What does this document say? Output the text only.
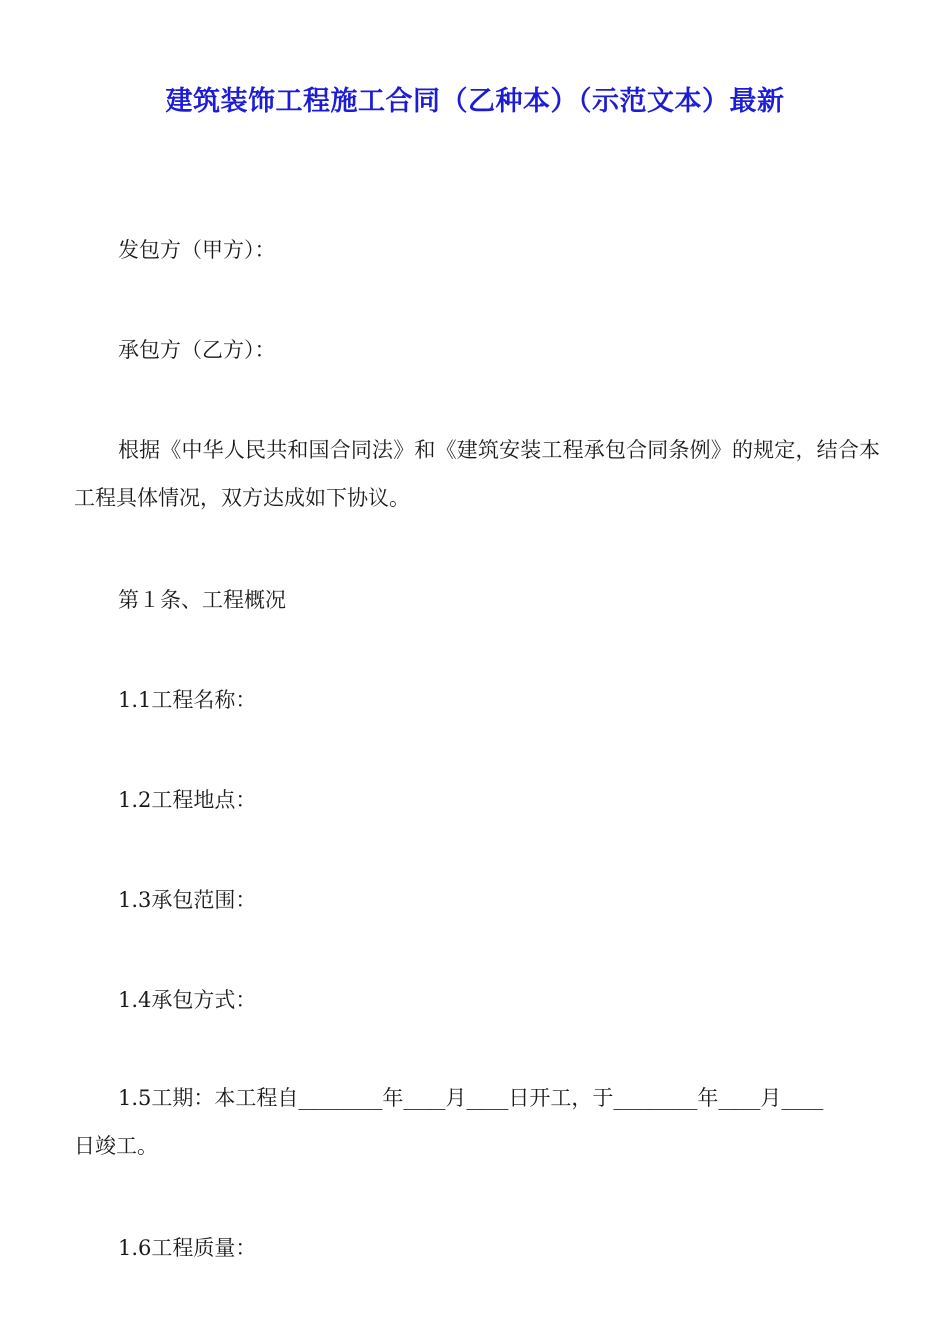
建筑装饰工程施工合同（乙种本）（示范文本）最新

发包方（甲方）：

承包方（乙方）：

根据《中华人民共和国合同法》和《建筑安装工程承包合同条例》的规定，结合本工程具体情况，双方达成如下协议。

第１条、工程概况

1.1工程名称：

1.2工程地点：

1.3承包范围：

1.4承包方式：

1.5工期：本工程自________年____月____日开工，于________年____月____

日竣工。

1.6工程质量：
